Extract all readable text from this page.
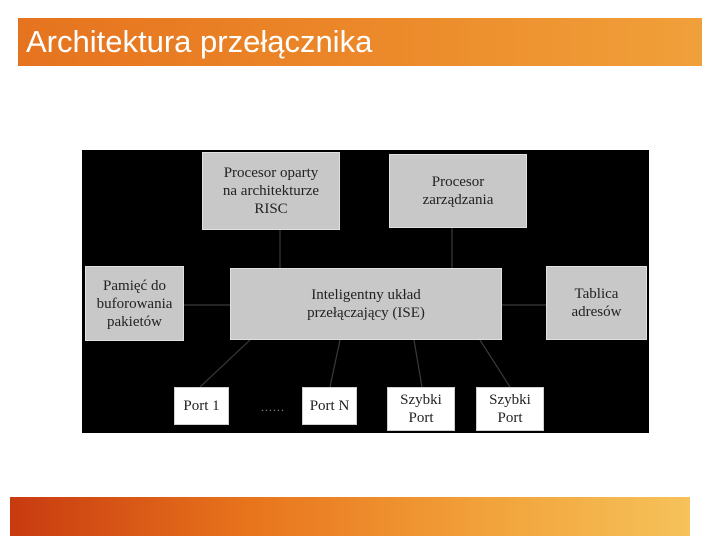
Architektura przełącznika
Procesor oparty
na architekturze
RISC
Procesor
zarządzania
Pamięć do
buforowania
pakietów
Inteligentny układ
przełączający (ISE)
Tablica
adresów
Port 1	...... Port N	Szybki
Port
Szybki
Port
